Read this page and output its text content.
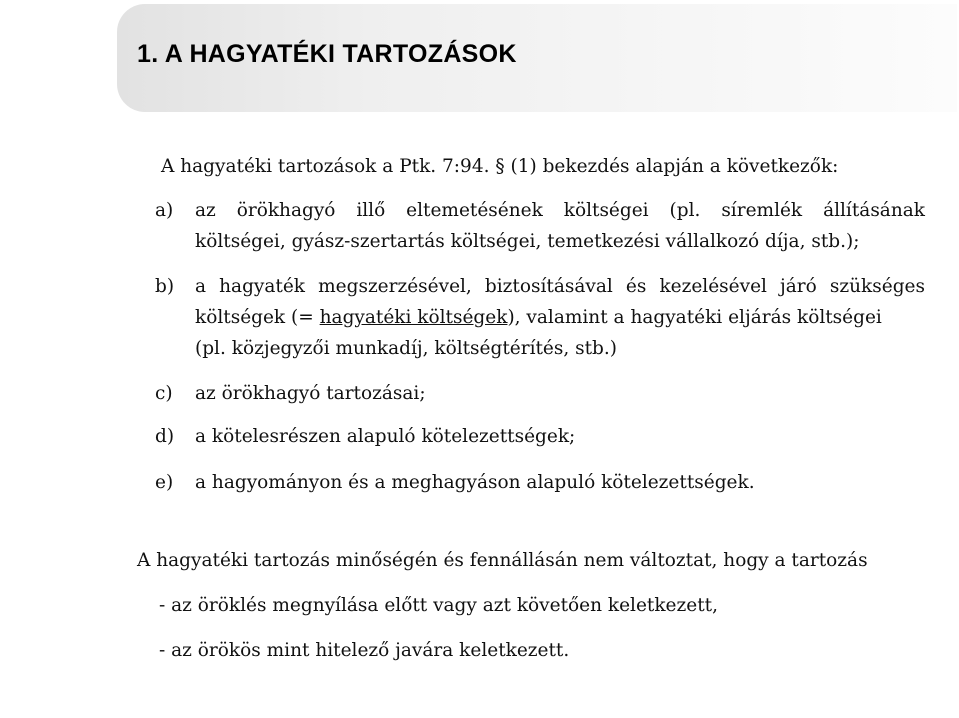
1. A HAGYATÉKI TARTOZÁSOK
A hagyatéki tartozások a Ptk. 7:94. § (1) bekezdés alapján a következők:
a) az örökhagyó illő eltemetésének költségei (pl. síremlék állításának
költségei, gyász-szertartás költségei, temetkezési vállalkozó díja, stb.);
b) a hagyaték megszerzésével, biztosításával és kezelésével járó szükséges
költségek (= hagyatéki költségek), valamint a hagyatéki eljárás költségei
(pl. közjegyzői munkadíj, költségtérítés, stb.)
c) az örökhagyó tartozásai;
d) a kötelesrészen alapuló kötelezettségek;
e) a hagyományon és a meghagyáson alapuló kötelezettségek.
A hagyatéki tartozás minőségén és fennállásán nem változtat, hogy a tartozás
- az öröklés megnyílása előtt vagy azt követően keletkezett,
- az örökös mint hitelező javára keletkezett.
